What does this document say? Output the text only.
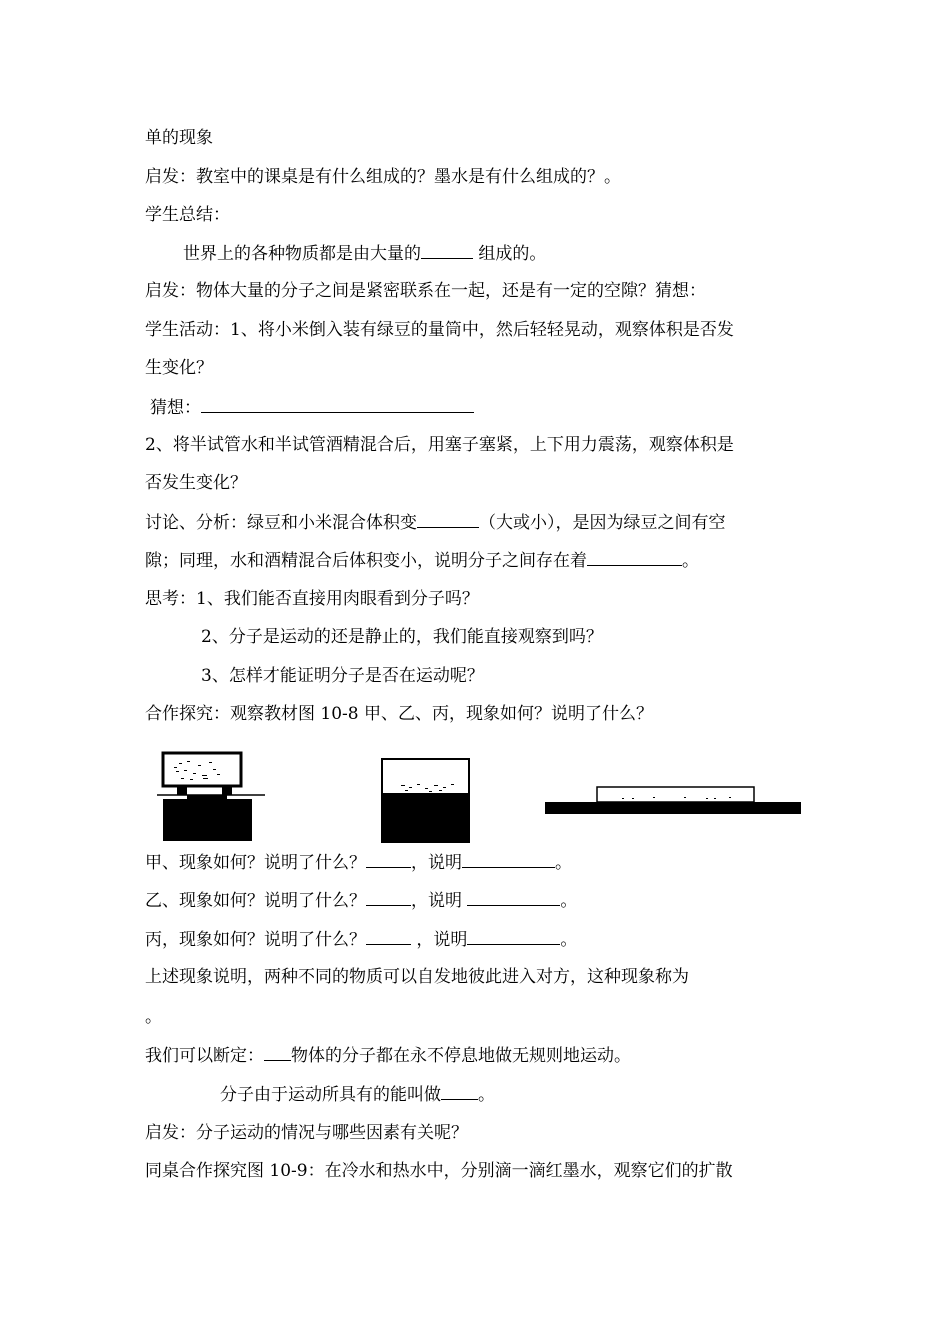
单的现象
启发：教室中的课桌是有什么组成的？墨水是有什么组成的？。
学生总结：
世界上的各种物质都是由大量的	组成的。
启发：物体大量的分子之间是紧密联系在一起，还是有一定的空隙？猜想：
学生活动：1、将小米倒入装有绿豆的量筒中，然后轻轻晃动，观察体积是否发
生变化？
猜想：
2、将半试管水和半试管酒精混合后，用塞子塞紧，上下用力震荡，观察体积是
否发生变化？
讨论、分析：绿豆和小米混合体积变	（大或小），是因为绿豆之间有空
隙；同理，水和酒精混合后体积变小，说明分子之间存在着	。
思考：1、我们能否直接用肉眼看到分子吗？
2、分子是运动的还是静止的，我们能直接观察到吗？
3、怎样才能证明分子是否在运动呢？
合作探究：观察教材图 10-8 甲、乙、丙，现象如何？说明了什么？
甲、现象如何？说明了什么？	，说明	。
乙、现象如何？说明了什么？	，说明	。
丙，现象如何？说明了什么？	，说明	。
上述现象说明，两种不同的物质可以自发地彼此进入对方，这种现象称为
。
我们可以断定： 物体的分子都在永不停息地做无规则地运动。
分子由于运动所具有的能叫做 。
启发：分子运动的情况与哪些因素有关呢？
同桌合作探究图 10-9：在冷水和热水中，分别滴一滴红墨水，观察它们的扩散
